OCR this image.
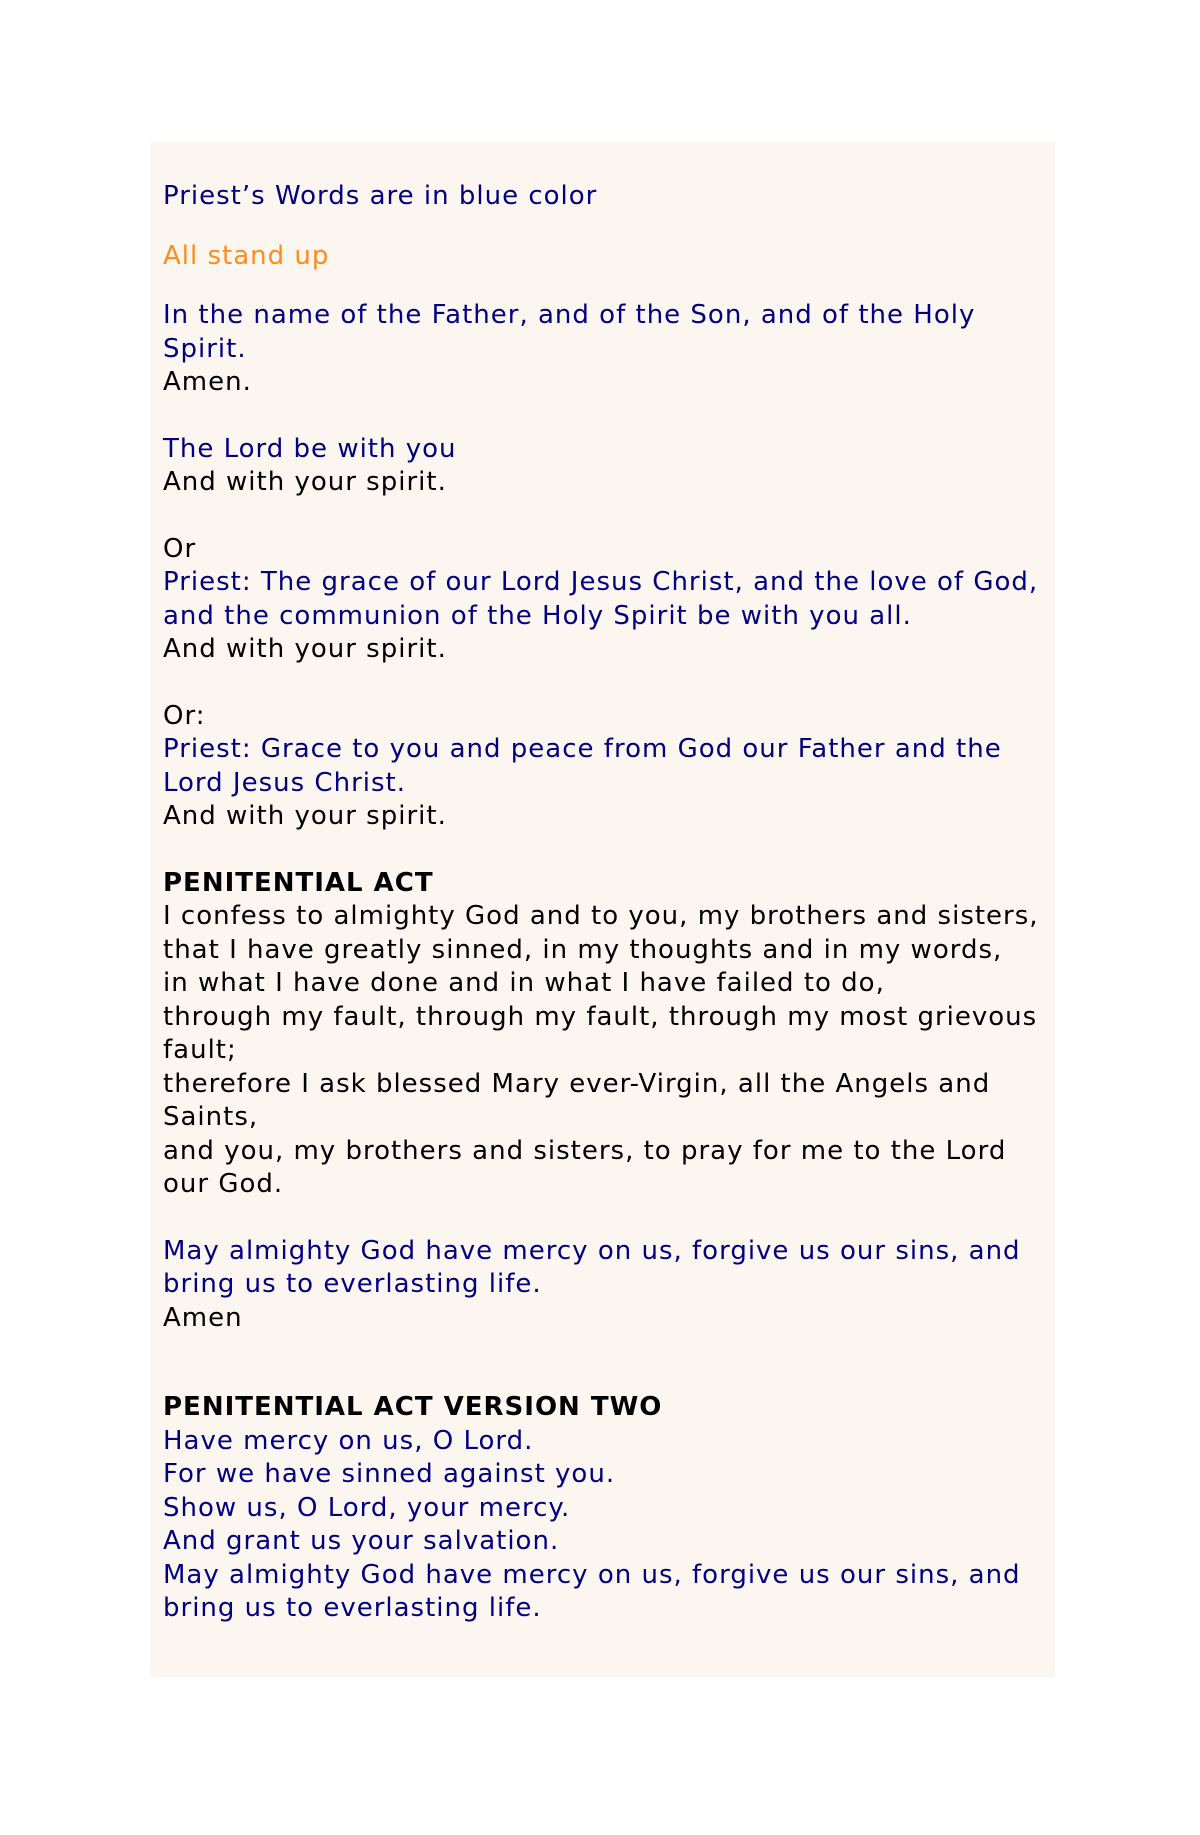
Priest’s Words are in blue color
All stand up
In the name of the Father, and of the Son, and of the Holy
Spirit.
Amen.
The Lord be with you
And with your spirit.
Or
Priest: The grace of our Lord Jesus Christ, and the love of God,
and the communion of the Holy Spirit be with you all.
And with your spirit.
Or:
Priest: Grace to you and peace from God our Father and the
Lord Jesus Christ.
And with your spirit.
PENITENTIAL ACT
I confess to almighty God and to you, my brothers and sisters,
that I have greatly sinned, in my thoughts and in my words,
in what I have done and in what I have failed to do,
through my fault, through my fault, through my most grievous
fault;
therefore I ask blessed Mary ever-Virgin, all the Angels and
Saints,
and you, my brothers and sisters, to pray for me to the Lord
our God.
May almighty God have mercy on us, forgive us our sins, and
bring us to everlasting life.
Amen
PENITENTIAL ACT VERSION TWO
Have mercy on us, O Lord.
For we have sinned against you.
Show us, O Lord, your mercy.
And grant us your salvation.
May almighty God have mercy on us, forgive us our sins, and
bring us to everlasting life.
